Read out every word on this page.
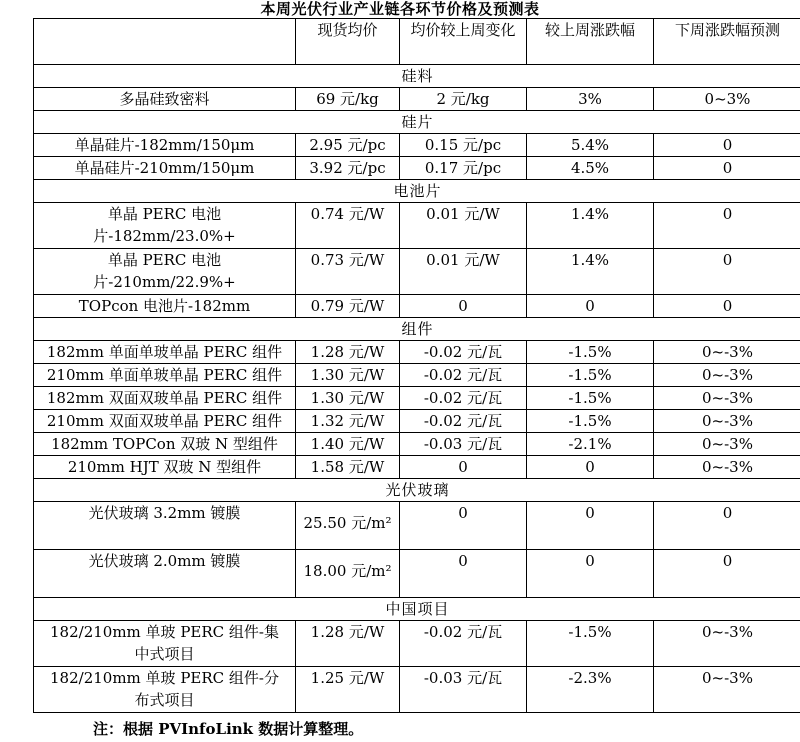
本周光伏行业产业链各环节价格及预测表
	现货均价	均价较上周变化	较上周涨跌幅	下周涨跌幅预测
硅料				
多晶硅致密料	69 元/kg	2 元/kg	3%	0~3%
硅片				
单晶硅片-182mm/150μm	2.95 元/pc	0.15 元/pc	5.4%	0
单晶硅片-210mm/150μm	3.92 元/pc	0.17 元/pc	4.5%	0
电池片				
单晶 PERC 电池片-182mm/23.0%+	0.74 元/W	0.01 元/W	1.4%	0
单晶 PERC 电池片-210mm/22.9%+	0.73 元/W	0.01 元/W	1.4%	0
TOPcon 电池片-182mm	0.79 元/W	0	0	0
组件				
182mm 单面单玻单晶 PERC 组件	1.28 元/W	-0.02 元/瓦	-1.5%	0~-3%
210mm 单面单玻单晶 PERC 组件	1.30 元/W	-0.02 元/瓦	-1.5%	0~-3%
182mm 双面双玻单晶 PERC 组件	1.30 元/W	-0.02 元/瓦	-1.5%	0~-3%
210mm 双面双玻单晶 PERC 组件	1.32 元/W	-0.02 元/瓦	-1.5%	0~-3%
182mm TOPCon 双玻 N 型组件	1.40 元/W	-0.03 元/瓦	-2.1%	0~-3%
210mm HJT 双玻 N 型组件	1.58 元/W	0	0	0~-3%
光伏玻璃				
光伏玻璃 3.2mm 镀膜	25.50 元/m²	0	0	0
光伏玻璃 2.0mm 镀膜	18.00 元/m²	0	0	0
中国项目				
182/210mm 单玻 PERC 组件-集中式项目	1.28 元/W	-0.02 元/瓦	-1.5%	0~-3%
182/210mm 单玻 PERC 组件-分布式项目	1.25 元/W	-0.03 元/瓦	-2.3%	0~-3%
注：根据 PVInfoLink 数据计算整理。
